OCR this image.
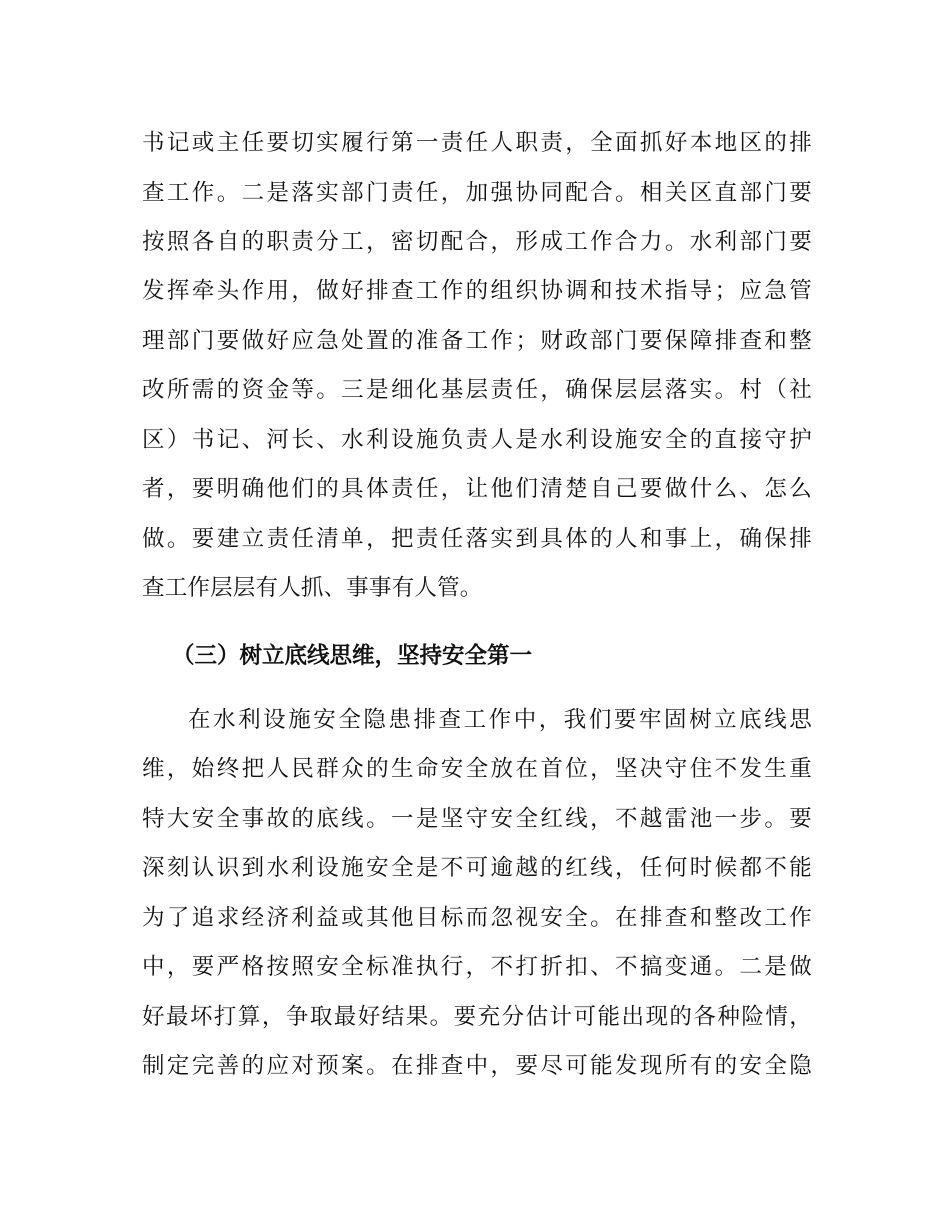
书记或主任要切实履行第一责任人职责，全面抓好本地区的排
查工作。二是落实部门责任，加强协同配合。相关区直部门要
按照各自的职责分工，密切配合，形成工作合力。水利部门要
发挥牵头作用，做好排查工作的组织协调和技术指导；应急管
理部门要做好应急处置的准备工作；财政部门要保障排查和整
改所需的资金等。三是细化基层责任，确保层层落实。村（社
区）书记、河长、水利设施负责人是水利设施安全的直接守护
者，要明确他们的具体责任，让他们清楚自己要做什么、怎么
做。要建立责任清单，把责任落实到具体的人和事上，确保排
查工作层层有人抓、事事有人管。
（三）树立底线思维，坚持安全第一
在水利设施安全隐患排查工作中，我们要牢固树立底线思
维，始终把人民群众的生命安全放在首位，坚决守住不发生重
特大安全事故的底线。一是坚守安全红线，不越雷池一步。要
深刻认识到水利设施安全是不可逾越的红线，任何时候都不能
为了追求经济利益或其他目标而忽视安全。在排查和整改工作
中，要严格按照安全标准执行，不打折扣、不搞变通。二是做
好最坏打算，争取最好结果。要充分估计可能出现的各种险情，
制定完善的应对预案。在排查中，要尽可能发现所有的安全隐
